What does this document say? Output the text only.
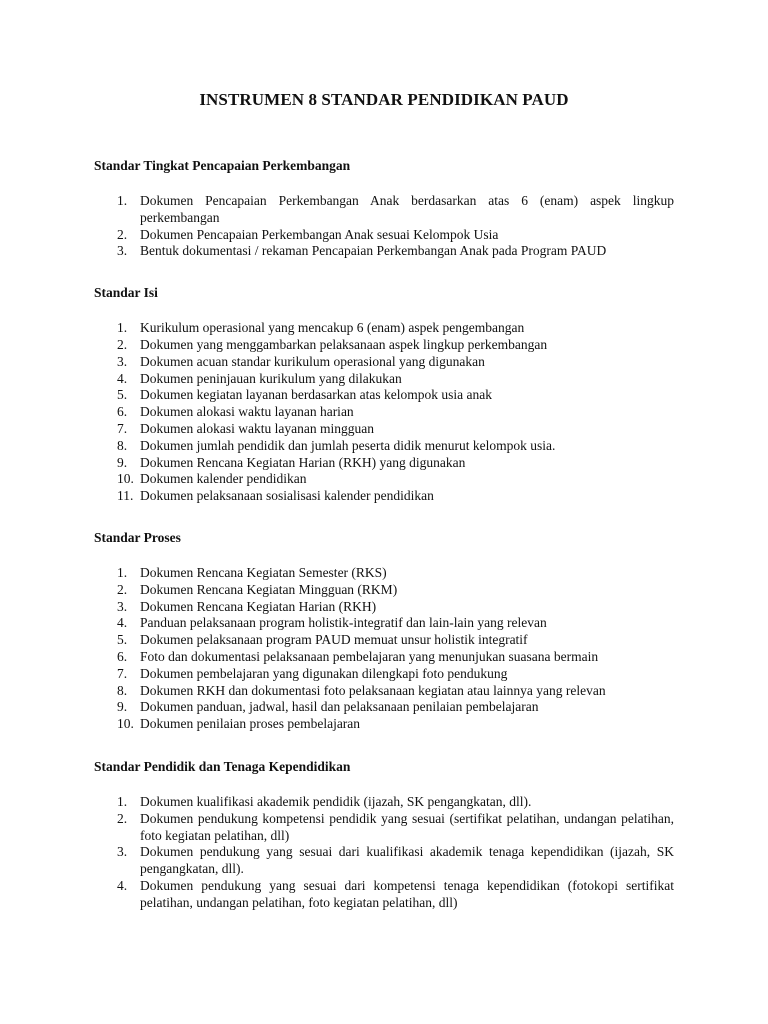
INSTRUMEN 8 STANDAR PENDIDIKAN PAUD
Standar Tingkat Pencapaian Perkembangan
1. Dokumen Pencapaian Perkembangan Anak berdasarkan atas 6 (enam) aspek lingkup perkembangan
2. Dokumen Pencapaian Perkembangan Anak sesuai Kelompok Usia
3. Bentuk dokumentasi / rekaman Pencapaian Perkembangan Anak pada Program PAUD
Standar Isi
1. Kurikulum operasional yang mencakup 6 (enam) aspek pengembangan
2. Dokumen yang menggambarkan pelaksanaan aspek lingkup perkembangan
3. Dokumen acuan standar kurikulum operasional yang digunakan
4. Dokumen peninjauan kurikulum yang dilakukan
5. Dokumen kegiatan layanan berdasarkan atas kelompok usia anak
6. Dokumen alokasi waktu layanan harian
7. Dokumen alokasi waktu layanan mingguan
8. Dokumen jumlah pendidik dan jumlah peserta didik menurut kelompok usia.
9. Dokumen Rencana Kegiatan Harian (RKH) yang digunakan
10. Dokumen kalender pendidikan
11. Dokumen pelaksanaan sosialisasi kalender pendidikan
Standar Proses
1. Dokumen Rencana Kegiatan Semester (RKS)
2. Dokumen Rencana Kegiatan Mingguan (RKM)
3. Dokumen Rencana Kegiatan Harian (RKH)
4. Panduan pelaksanaan program holistik-integratif dan lain-lain yang relevan
5. Dokumen pelaksanaan program PAUD memuat unsur holistik integratif
6. Foto dan dokumentasi pelaksanaan pembelajaran yang menunjukan suasana bermain
7. Dokumen pembelajaran yang digunakan dilengkapi foto pendukung
8. Dokumen RKH dan dokumentasi foto pelaksanaan kegiatan atau lainnya yang relevan
9. Dokumen panduan, jadwal, hasil dan pelaksanaan penilaian pembelajaran
10. Dokumen penilaian proses pembelajaran
Standar Pendidik dan Tenaga Kependidikan
1. Dokumen kualifikasi akademik pendidik (ijazah, SK pengangkatan, dll).
2. Dokumen pendukung kompetensi pendidik yang sesuai (sertifikat pelatihan, undangan pelatihan, foto kegiatan pelatihan, dll)
3. Dokumen pendukung yang sesuai dari kualifikasi akademik tenaga kependidikan (ijazah, SK pengangkatan, dll).
4. Dokumen pendukung yang sesuai dari kompetensi tenaga kependidikan (fotokopi sertifikat pelatihan, undangan pelatihan, foto kegiatan pelatihan, dll)
